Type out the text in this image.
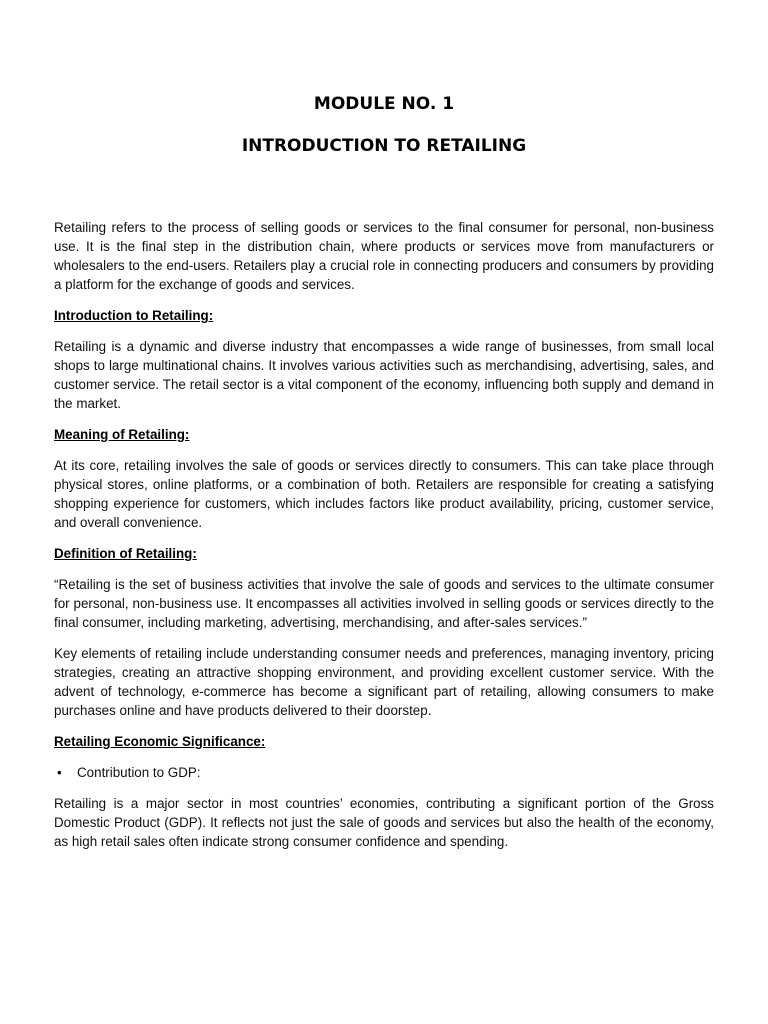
MODULE NO. 1
INTRODUCTION TO RETAILING

Retailing refers to the process of selling goods or services to the final consumer for personal, non-business use. It is the final step in the distribution chain, where products or services move from manufacturers or wholesalers to the end-users. Retailers play a crucial role in connecting producers and consumers by providing a platform for the exchange of goods and services.

Introduction to Retailing:

Retailing is a dynamic and diverse industry that encompasses a wide range of businesses, from small local shops to large multinational chains. It involves various activities such as merchandising, advertising, sales, and customer service. The retail sector is a vital component of the economy, influencing both supply and demand in the market.

Meaning of Retailing:

At its core, retailing involves the sale of goods or services directly to consumers. This can take place through physical stores, online platforms, or a combination of both. Retailers are responsible for creating a satisfying shopping experience for customers, which includes factors like product availability, pricing, customer service, and overall convenience.

Definition of Retailing:

“Retailing is the set of business activities that involve the sale of goods and services to the ultimate consumer for personal, non-business use. It encompasses all activities involved in selling goods or services directly to the final consumer, including marketing, advertising, merchandising, and after-sales services.”

Key elements of retailing include understanding consumer needs and preferences, managing inventory, pricing strategies, creating an attractive shopping environment, and providing excellent customer service. With the advent of technology, e-commerce has become a significant part of retailing, allowing consumers to make purchases online and have products delivered to their doorstep.

Retailing Economic Significance:
• Contribution to GDP:

Retailing is a major sector in most countries’ economies, contributing a significant portion of the Gross Domestic Product (GDP). It reflects not just the sale of goods and services but also the health of the economy, as high retail sales often indicate strong consumer confidence and spending.
